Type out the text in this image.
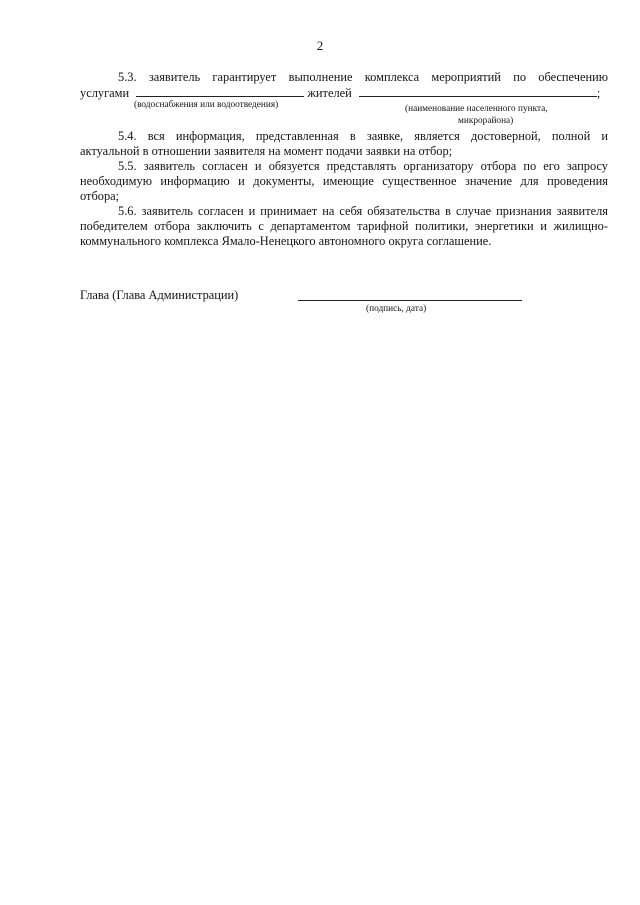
2
5.3. заявитель гарантирует выполнение комплекса мероприятий по обеспечению
услугами	жителей	;
(водоснабжения или водоотведения)	(наименование населенного пункта,
микрорайона)
5.4. вся информация, представленная в заявке, является достоверной, полной и
актуальной в отношении заявителя на момент подачи заявки на отбор;
5.5. заявитель согласен и обязуется представлять организатору отбора по его запросу
необходимую информацию и документы, имеющие существенное значение для проведения
отбора;
5.6. заявитель согласен и принимает на себя обязательства в случае признания заявителя
победителем отбора заключить с департаментом тарифной политики, энергетики и жилищно-
коммунального комплекса Ямало-Ненецкого автономного округа соглашение.
Глава (Глава Администрации)
(подпись, дата)
